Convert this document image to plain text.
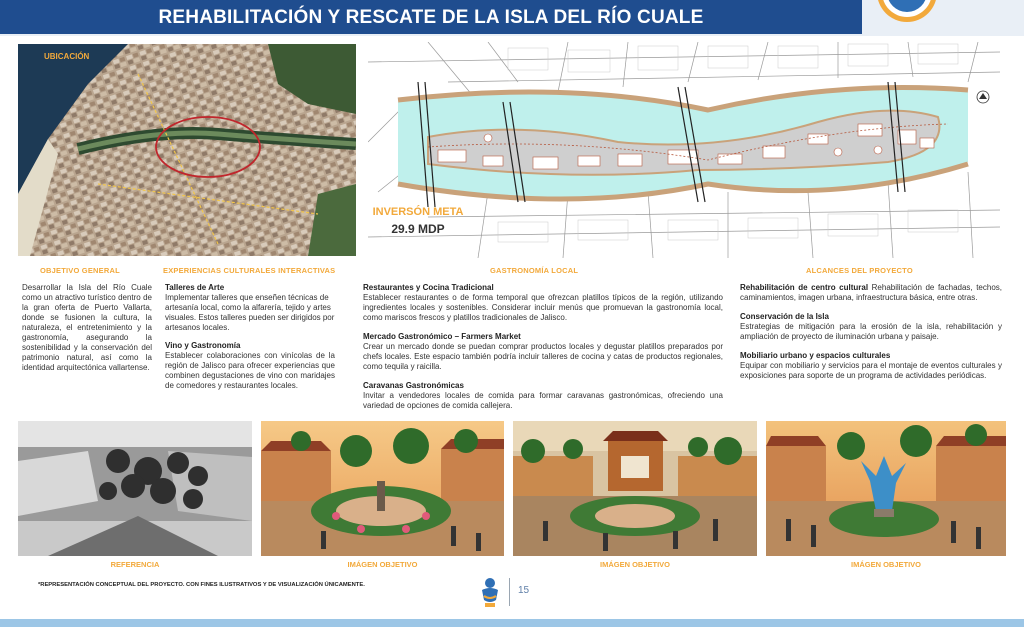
REHABILITACIÓN Y RESCATE DE LA ISLA DEL RÍO CUALE
UBICACIÓN
INVERSÓN META
29.9 MDP
OBJETIVO GENERAL
Desarrollar la Isla del Río Cuale como un atractivo turístico dentro de la gran oferta de Puerto Vallarta, donde se fusionen la cultura, la naturaleza, el entretenimiento y la gastronomía, asegurando la sostenibilidad y la conservación del patrimonio natural, así como la identidad arquitectónica vallartense.
EXPERIENCIAS CULTURALES INTERACTIVAS
Talleres de Arte
Implementar talleres que enseñen técnicas de artesanía local, como la alfarería, tejido y artes visuales. Estos talleres pueden ser dirigidos por artesanos locales.
Vino y Gastronomía
Establecer colaboraciones con vinícolas de la región de Jalisco para ofrecer experiencias que combinen degustaciones de vino con maridajes de comedores y restaurantes locales.
GASTRONOMÍA LOCAL
Restaurantes y Cocina Tradicional
Establecer restaurantes o de forma temporal que ofrezcan platillos típicos de la región, utilizando ingredientes locales y sostenibles. Considerar incluir menús que promuevan la gastronomía local, como mariscos frescos y platillos tradicionales de Jalisco.
Mercado Gastronómico – Farmers Market
Crear un mercado donde se puedan comprar productos locales y degustar platillos preparados por chefs locales. Este espacio también podría incluir talleres de cocina y catas de productos regionales, como tequila y raicilla.
Caravanas Gastronómicas
Invitar a vendedores locales de comida para formar caravanas gastronómicas, ofreciendo una variedad de opciones de comida callejera.
ALCANCES DEL PROYECTO
Rehabilitación de centro cultural Rehabilitación de fachadas, techos, caminamientos, imagen urbana, infraestructura básica, entre otras.
Conservación de la Isla
Estrategias de mitigación para la erosión de la isla, rehabilitación y ampliación de proyecto de iluminación urbana y paisaje.
Mobiliario urbano y espacios culturales
Equipar con mobiliario y servicios para el montaje de eventos culturales y exposiciones para soporte de un programa de actividades periódicas.
REFERENCIA	IMÁGEN OBJETIVO	IMÁGEN OBJETIVO	IMÁGEN OBJETIVO
*REPRESENTACIÓN CONCEPTUAL DEL PROYECTO. CON FINES ILUSTRATIVOS Y DE VISUALIZACIÓN ÚNICAMENTE.	15
